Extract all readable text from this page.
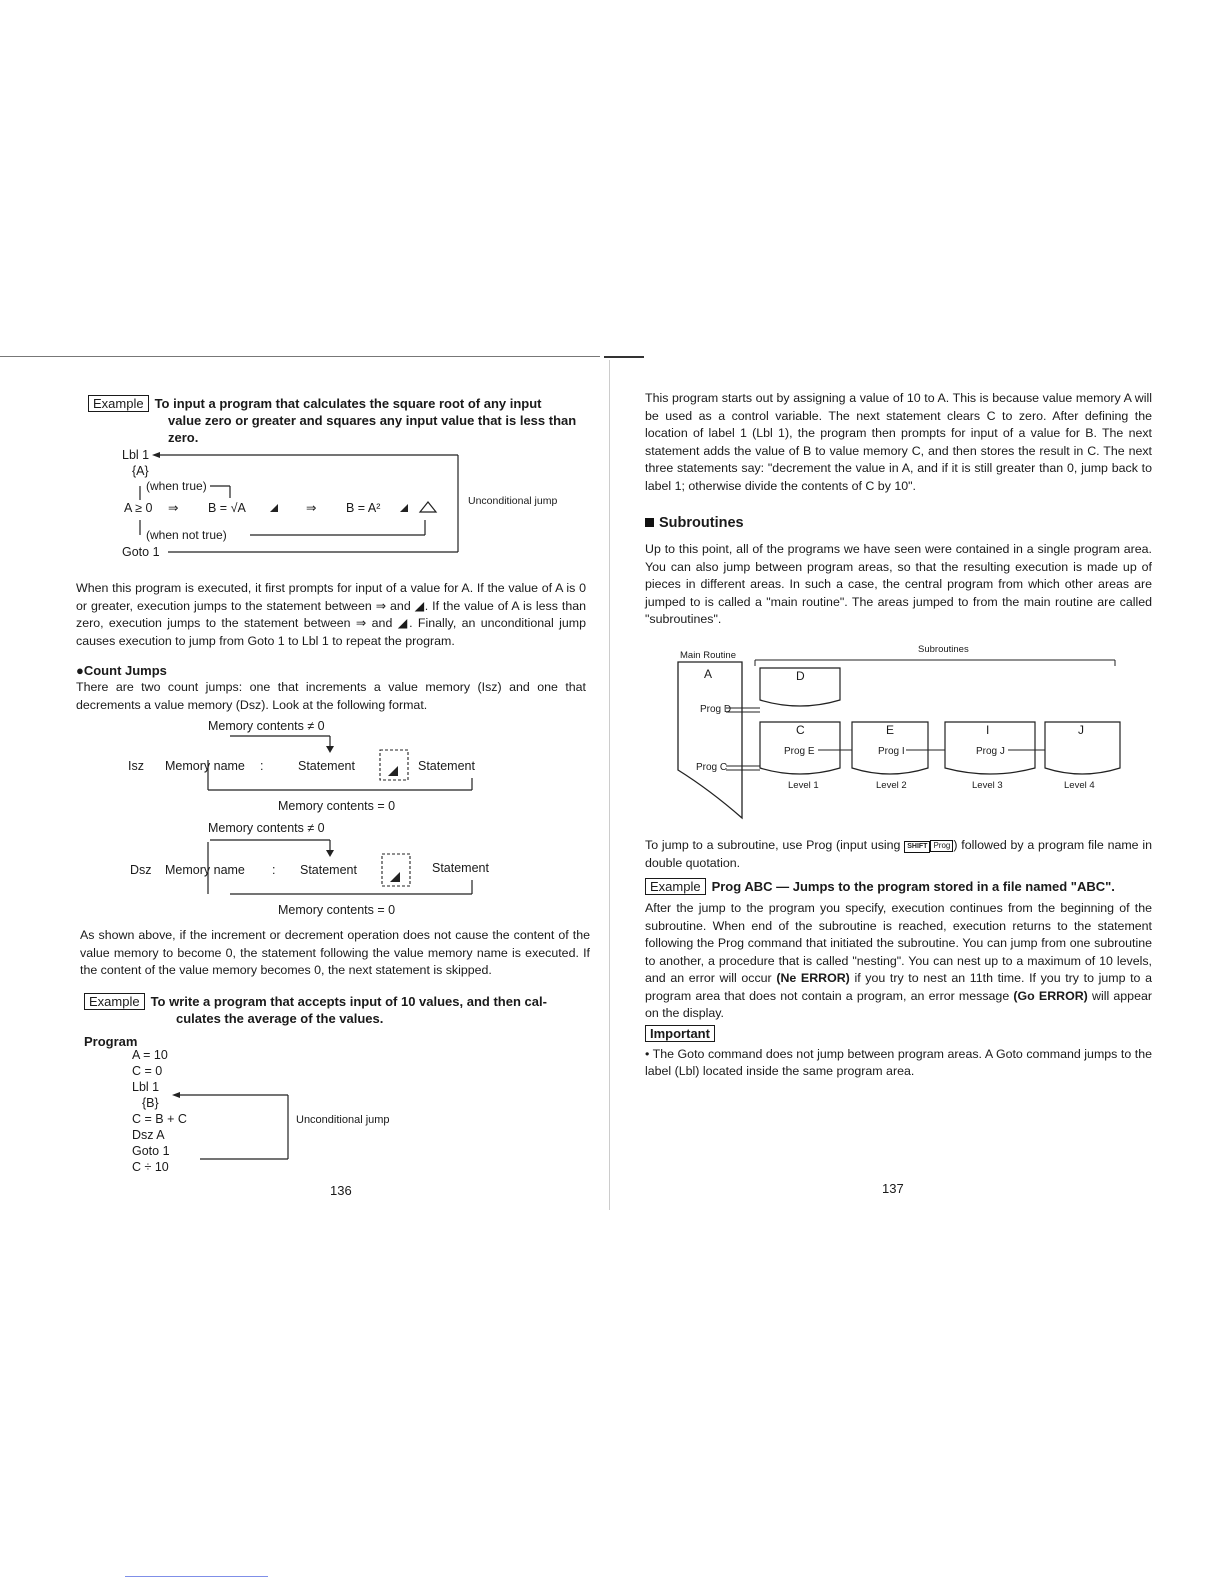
Example To input a program that calculates the square root of any input
value zero or greater and squares any input value that is less than
zero.
Lbl 1
{A}
(when true)
A ≥ 0 ⇒ B = √A	⇒ B = A²	Unconditional jump
(when not true)
Goto 1
When this program is executed, it first prompts for input of a value for A. If the value of A is 0 or greater, execution jumps to the statement between ⇒ and ◢. If the value of A is less than zero, execution jumps to the statement between ⇒ and ◢. Finally, an unconditional jump causes execution to jump from Goto 1 to Lbl 1 to repeat the program.
●Count Jumps
There are two count jumps: one that increments a value memory (Isz) and one that decrements a value memory (Dsz). Look at the following format.
Memory contents ≠ 0
Isz Memory name :	Statement	Statement
Memory contents = 0
Memory contents ≠ 0
Dsz Memory name : Statement	Statement
Memory contents = 0
As shown above, if the increment or decrement operation does not cause the content of the value memory to become 0, the statement following the value memory name is executed. If the content of the value memory becomes 0, the next statement is skipped.
Example To write a program that accepts input of 10 values, and then cal-
culates the average of the values.
Program
A = 10
C = 0
Lbl 1
{B}
C = B + C
Dsz A
Goto 1
C ÷ 10
Unconditional jump
136
This program starts out by assigning a value of 10 to A. This is because value memory A will be used as a control variable. The next statement clears C to zero. After defining the location of label 1 (Lbl 1), the program then prompts for input of a value for B. The next statement adds the value of B to value memory C, and then stores the result in C. The next three statements say: "decrement the value in A, and if it is still greater than 0, jump back to label 1; otherwise divide the contents of C by 10".
Subroutines
Up to this point, all of the programs we have seen were contained in a single program area. You can also jump between program areas, so that the resulting execution is made up of pieces in different areas. In such a case, the central program from which other areas are jumped to is called a "main routine". The areas jumped to from the main routine are called "subroutines".
Main Routine
Subroutines
A
Prog D
Prog C
D
C
Prog E
E
Prog I
I
Prog J
J
Level 1	Level 2	Level 3	Level 4
To jump to a subroutine, use Prog (input using SHIFT Prog ) followed by a program file name in double quotation.
Example Prog ABC — Jumps to the program stored in a file named "ABC".
After the jump to the program you specify, execution continues from the beginning of the subroutine. When end of the subroutine is reached, execution returns to the statement following the Prog command that initiated the subroutine. You can jump from one subroutine to another, a procedure that is called "nesting". You can nest up to a maximum of 10 levels, and an error will occur (Ne ERROR) if you try to nest an 11th time. If you try to jump to a program area that does not contain a program, an error message (Go ERROR) will appear on the display.
Important
• The Goto command does not jump between program areas. A Goto command jumps to the label (Lbl) located inside the same program area.
137
